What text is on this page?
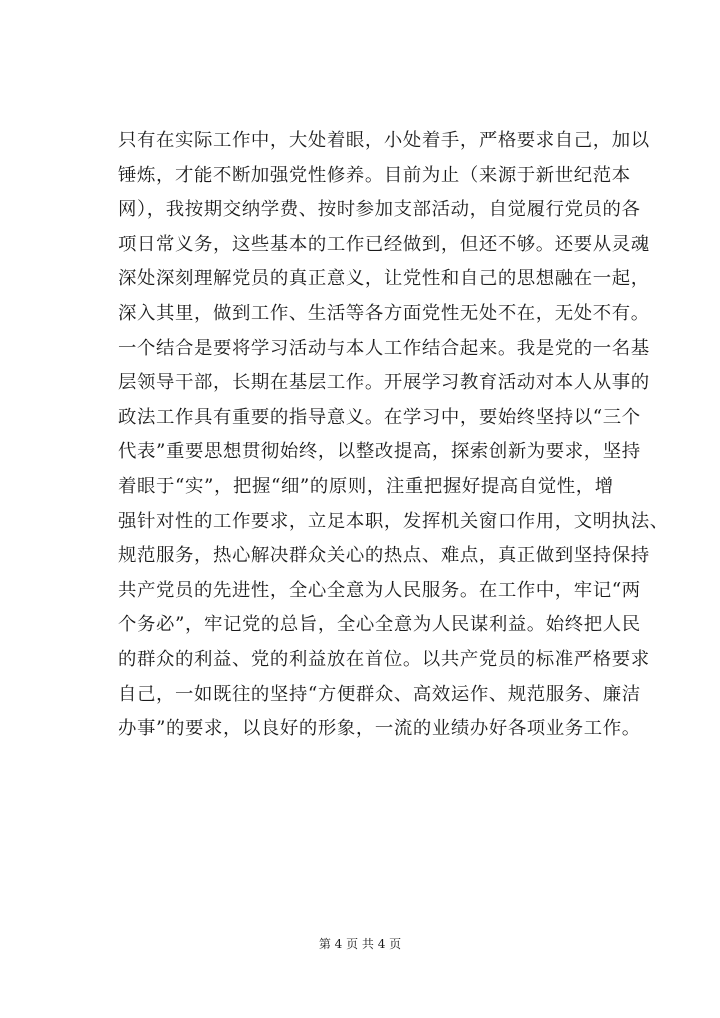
只有在实际工作中，大处着眼，小处着手，严格要求自己，加以
锤炼，才能不断加强党性修养。目前为止（来源于新世纪范本
网），我按期交纳学费、按时参加支部活动，自觉履行党员的各
项日常义务，这些基本的工作已经做到，但还不够。还要从灵魂
深处深刻理解党员的真正意义，让党性和自己的思想融在一起，
深入其里，做到工作、生活等各方面党性无处不在，无处不有。
一个结合是要将学习活动与本人工作结合起来。我是党的一名基
层领导干部，长期在基层工作。开展学习教育活动对本人从事的
政法工作具有重要的指导意义。在学习中，要始终坚持以“三个
代表”重要思想贯彻始终，以整改提高，探索创新为要求，坚持
着眼于“实”，把握“细”的原则，注重把握好提高自觉性，增
强针对性的工作要求，立足本职，发挥机关窗口作用，文明执法、
规范服务，热心解决群众关心的热点、难点，真正做到坚持保持
共产党员的先进性，全心全意为人民服务。在工作中，牢记“两
个务必”，牢记党的总旨，全心全意为人民谋利益。始终把人民
的群众的利益、党的利益放在首位。以共产党员的标准严格要求
自己，一如既往的坚持“方便群众、高效运作、规范服务、廉洁
办事”的要求，以良好的形象，一流的业绩办好各项业务工作。
第 4 页 共 4 页
